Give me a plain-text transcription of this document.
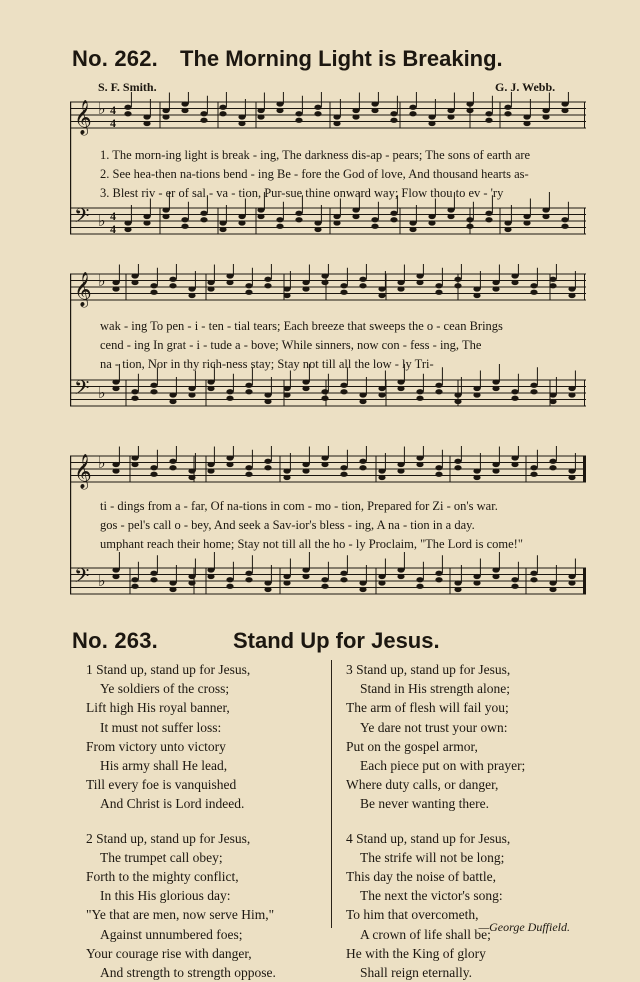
No. 262. The Morning Light is Breaking.
S. F. Smith.	G. J. Webb.
𝄞 ♭ 4
4
𝄢 ♭ 4
4
1. The morn-ing light is break - ing, The darkness dis-ap - pears; The sons of earth are
2. See hea-then na-tions bend - ing Be - fore the God of love, And thousand hearts as-
3. Blest riv - er of sal - va - tion, Pur-sue thine onward way; Flow thou to ev - 'ry
𝄞 ♭
𝄢 ♭
wak - ing To pen - i - ten - tial tears; Each breeze that sweeps the o - cean Brings
cend - ing In grat - i - tude a - bove; While sinners, now con - fess - ing, The
na - tion, Nor in thy rich-ness stay; Stay not till all the low - ly Tri-
𝄞 ♭
𝄢 ♭
ti - dings from a - far, Of na-tions in com - mo - tion, Prepared for Zi - on's war.
gos - pel's call o - bey, And seek a Sav-ior's bless - ing, A na - tion in a day.
umphant reach their home; Stay not till all the ho - ly Proclaim, "The Lord is come!"
No. 263.	Stand Up for Jesus.
1 Stand up, stand up for Jesus,
Ye soldiers of the cross;
Lift high His royal banner,
It must not suffer loss:
From victory unto victory
His army shall He lead,
Till every foe is vanquished
And Christ is Lord indeed.
2 Stand up, stand up for Jesus,
The trumpet call obey;
Forth to the mighty conflict,
In this His glorious day:
"Ye that are men, now serve Him,"
Against unnumbered foes;
Your courage rise with danger,
And strength to strength oppose.
3 Stand up, stand up for Jesus,
Stand in His strength alone;
The arm of flesh will fail you;
Ye dare not trust your own:
Put on the gospel armor,
Each piece put on with prayer;
Where duty calls, or danger,
Be never wanting there.
4 Stand up, stand up for Jesus,
The strife will not be long;
This day the noise of battle,
The next the victor's song:
To him that overcometh,
A crown of life shall be;
He with the King of glory
Shall reign eternally.
—George Duffield.
